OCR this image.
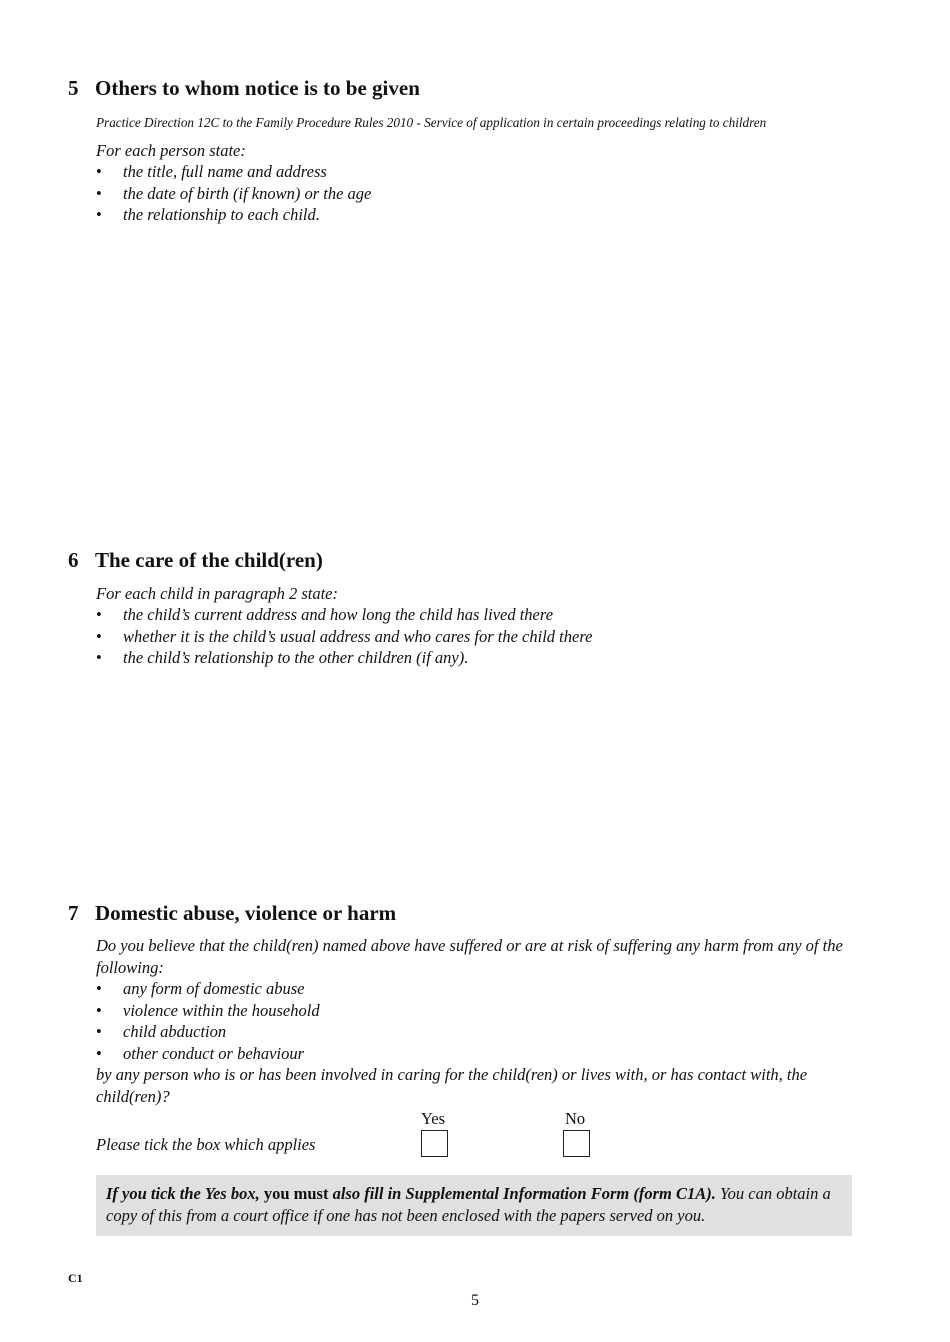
5 Others to whom notice is to be given
Practice Direction 12C to the Family Procedure Rules 2010 - Service of application in certain proceedings relating to children
For each person state:
• the title, full name and address
• the date of birth (if known) or the age
• the relationship to each child.
6 The care of the child(ren)
For each child in paragraph 2 state:
• the child’s current address and how long the child has lived there
• whether it is the child’s usual address and who cares for the child there
• the child’s relationship to the other children (if any).
7 Domestic abuse, violence or harm
Do you believe that the child(ren) named above have suffered or are at risk of suffering any harm from any of the following:
• any form of domestic abuse
• violence within the household
• child abduction
• other conduct or behaviour
by any person who is or has been involved in caring for the child(ren) or lives with, or has contact with, the child(ren)?
Please tick the box which applies
Yes	No
If you tick the Yes box, you must also fill in Supplemental Information Form (form C1A). You can obtain a copy of this from a court office if one has not been enclosed with the papers served on you.
C1
5
